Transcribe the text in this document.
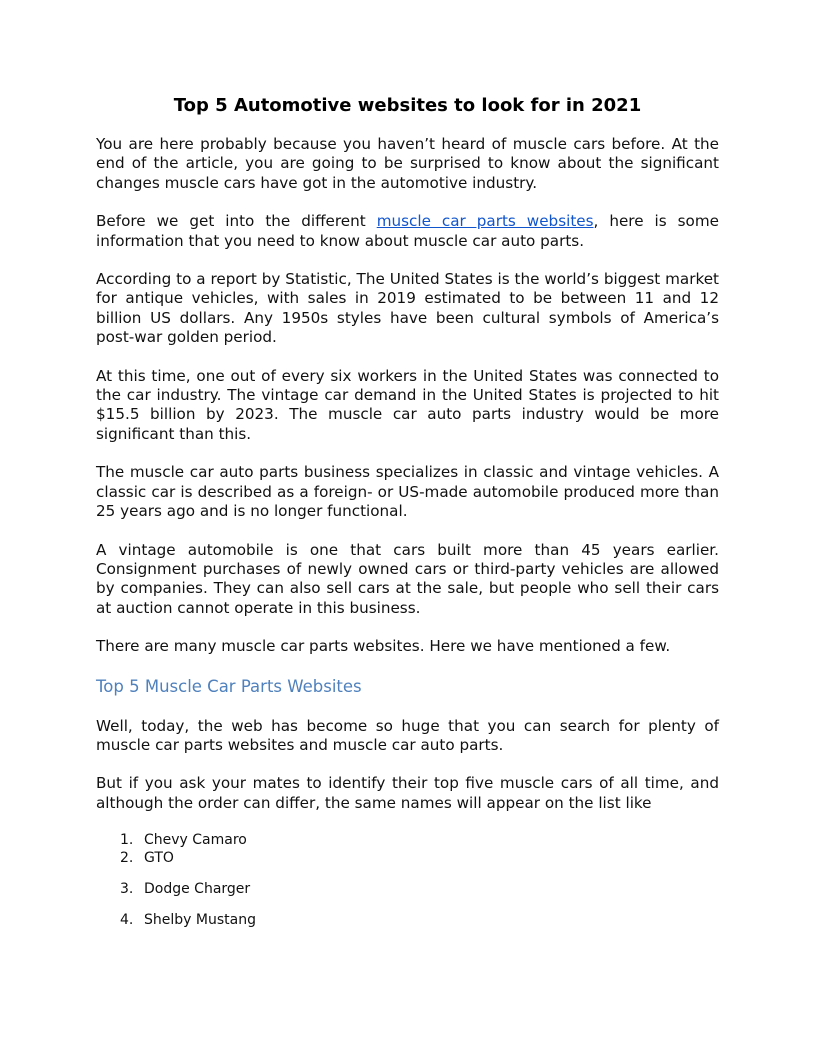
Top 5 Automotive websites to look for in 2021

You are here probably because you haven’t heard of muscle cars before. At the end of the article, you are going to be surprised to know about the significant changes muscle cars have got in the automotive industry.

Before we get into the different muscle car parts websites, here is some information that you need to know about muscle car auto parts.

According to a report by Statistic, The United States is the world’s biggest market for antique vehicles, with sales in 2019 estimated to be between 11 and 12 billion US dollars. Any 1950s styles have been cultural symbols of America’s post-war golden period.

At this time, one out of every six workers in the United States was connected to the car industry. The vintage car demand in the United States is projected to hit $15.5 billion by 2023. The muscle car auto parts industry would be more significant than this.

The muscle car auto parts business specializes in classic and vintage vehicles. A classic car is described as a foreign- or US-made automobile produced more than 25 years ago and is no longer functional.

A vintage automobile is one that cars built more than 45 years earlier. Consignment purchases of newly owned cars or third-party vehicles are allowed by companies. They can also sell cars at the sale, but people who sell their cars at auction cannot operate in this business.

There are many muscle car parts websites. Here we have mentioned a few.

Top 5 Muscle Car Parts Websites

Well, today, the web has become so huge that you can search for plenty of muscle car parts websites and muscle car auto parts.

But if you ask your mates to identify their top five muscle cars of all time, and although the order can differ, the same names will appear on the list like

1. Chevy Camaro
2. GTO
3. Dodge Charger
4. Shelby Mustang
